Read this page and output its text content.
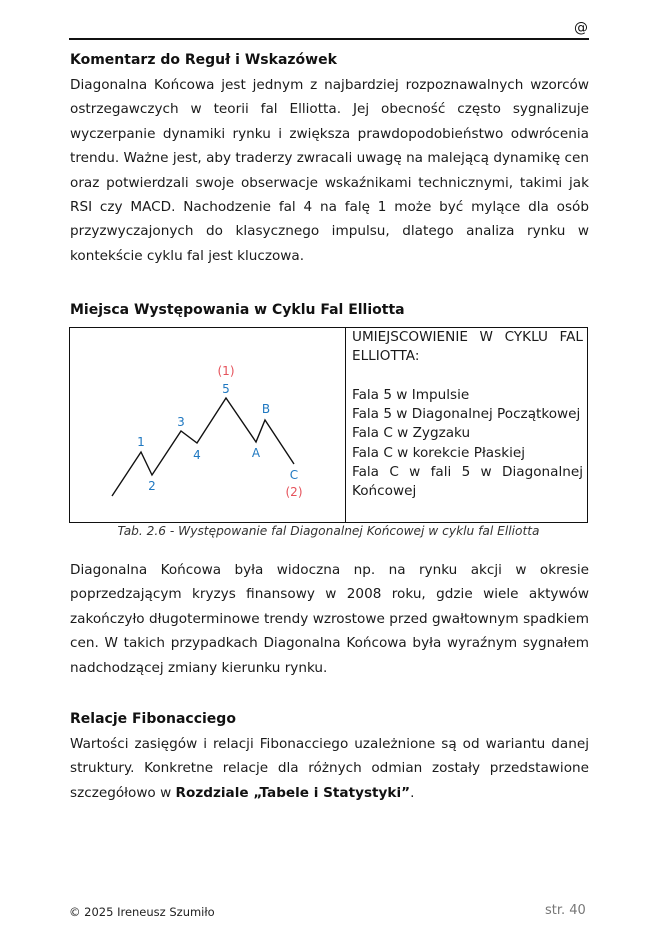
@
Komentarz do Reguł i Wskazówek
Diagonalna Końcowa jest jednym z najbardziej rozpoznawalnych wzorców
ostrzegawczych w teorii fal Elliotta. Jej obecność często sygnalizuje
wyczerpanie dynamiki rynku i zwiększa prawdopodobieństwo odwrócenia
trendu. Ważne jest, aby traderzy zwracali uwagę na malejącą dynamikę cen
oraz potwierdzali swoje obserwacje wskaźnikami technicznymi, takimi jak
RSI czy MACD. Nachodzenie fal 4 na falę 1 może być mylące dla osób
przyzwyczajonych do klasycznego impulsu, dlatego analiza rynku w
kontekście cyklu fal jest kluczowa.
Miejsca Występowania w Cyklu Fal Elliotta
1
2
3
4
5
A
B
C
(1)
(2)
UMIEJSCOWIENIE W CYKLU FAL
ELLIOTTA:

Fala 5 w Impulsie
Fala 5 w Diagonalnej Początkowej
Fala C w Zygzaku
Fala C w korekcie Płaskiej
Fala C w fali 5 w Diagonalnej
Końcowej
Tab. 2.6 - Występowanie fal Diagonalnej Końcowej w cyklu fal Elliotta
Diagonalna Końcowa była widoczna np. na rynku akcji w okresie
poprzedzającym kryzys finansowy w 2008 roku, gdzie wiele aktywów
zakończyło długoterminowe trendy wzrostowe przed gwałtownym spadkiem
cen. W takich przypadkach Diagonalna Końcowa była wyraźnym sygnałem
nadchodzącej zmiany kierunku rynku.
Relacje Fibonacciego
Wartości zasięgów i relacji Fibonacciego uzależnione są od wariantu danej
struktury. Konkretne relacje dla różnych odmian zostały przedstawione
szczegółowo w Rozdziale „Tabele i Statystyki”.
© 2025 Ireneusz Szumiło	str. 40
